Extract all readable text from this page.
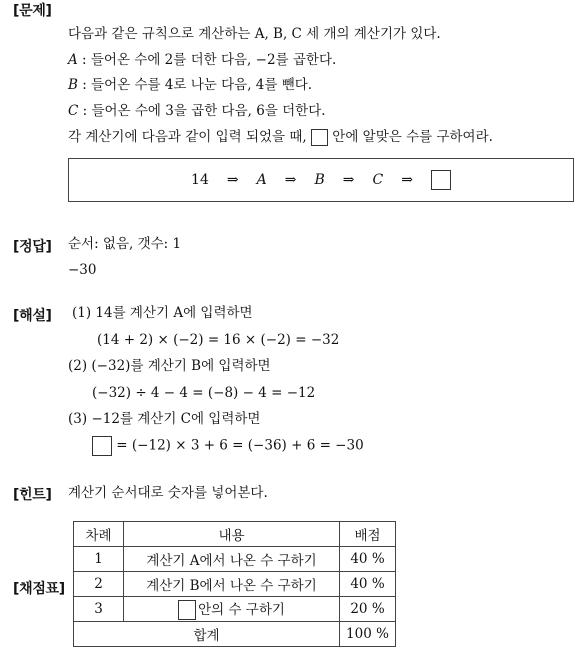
[문제]
다음과 같은 규칙으로 계산하는 A, B, C 세 개의 계산기가 있다.
A : 들어온 수에 2를 더한 다음, −2를 곱한다.
B : 들어온 수를 4로 나눈 다음, 4를 뺀다.
C : 들어온 수에 3을 곱한 다음, 6을 더한다.
각 계산기에 다음과 같이 입력 되었을 때, 안에 알맞은 수를 구하여라.
14 ⇒ A ⇒ B ⇒ C ⇒
[정답] 순서: 없음, 갯수: 1
−30
[해설] (1) 14를 계산기 A에 입력하면
(14 + 2) × (−2) = 16 × (−2) = −32
(2) (−32)를 계산기 B에 입력하면
(−32) ÷ 4 − 4 = (−8) − 4 = −12
(3) −12를 계산기 C에 입력하면
= (−12) × 3 + 6 = (−36) + 6 = −30
[힌트] 계산기 순서대로 숫자를 넣어본다.
[채점표]
차례	내용	배점
1	계산기 A에서 나온 수 구하기	40 %
2	계산기 B에서 나온 수 구하기	40 %
3	안의 수 구하기	20 %
합계		100 %
